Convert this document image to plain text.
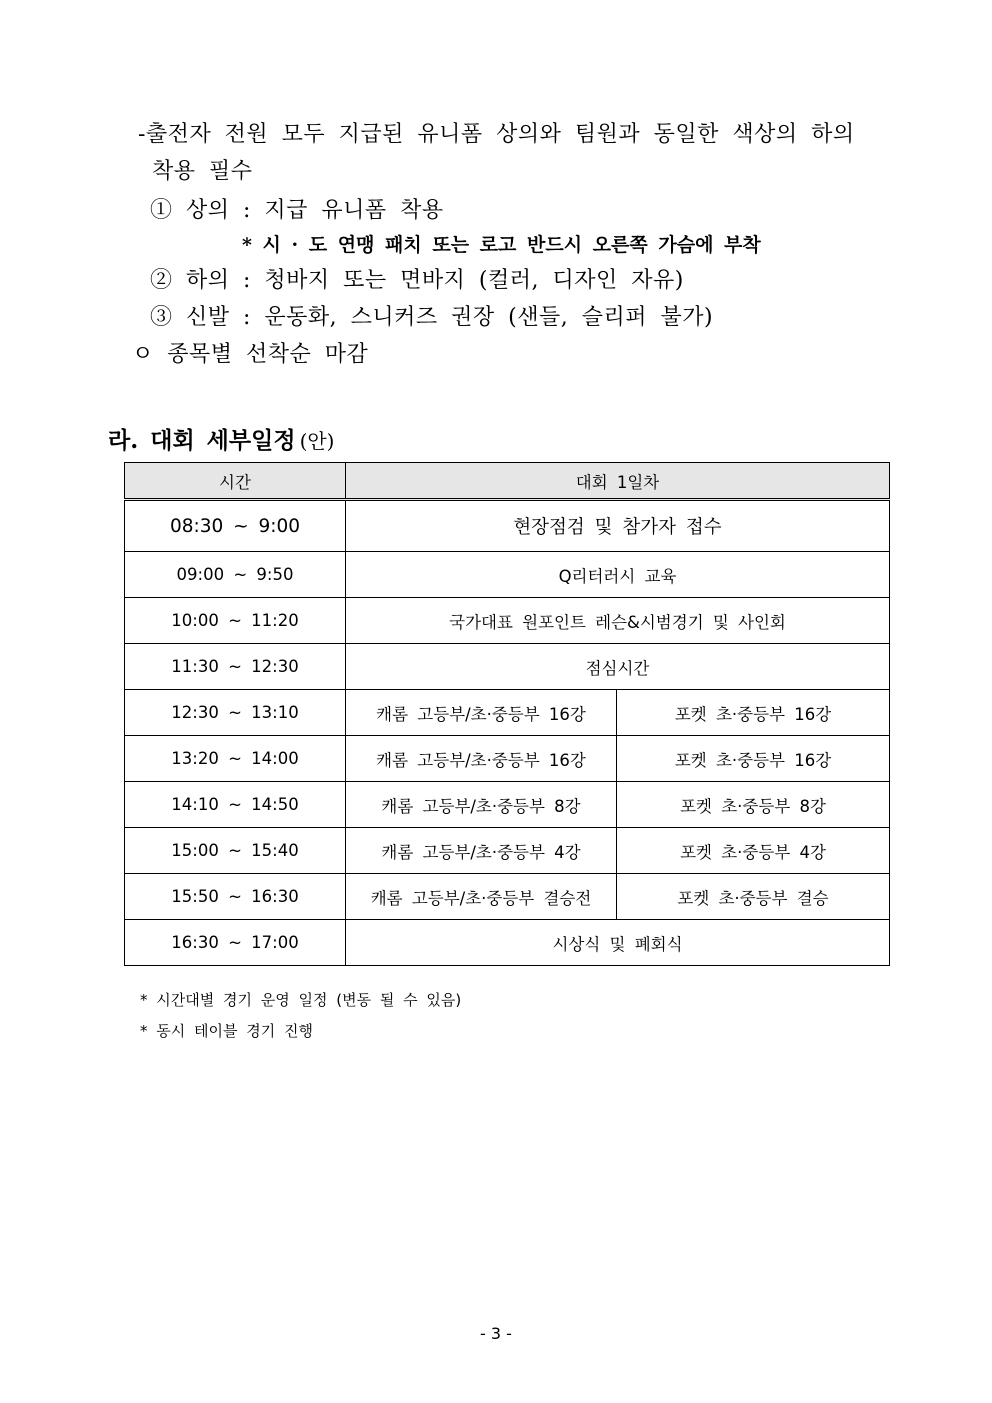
-출전자 전원 모두 지급된 유니폼 상의와 팀원과 동일한 색상의 하의
착용 필수
① 상의 : 지급 유니폼 착용
* 시 · 도 연맹 패치 또는 로고 반드시 오른쪽 가슴에 부착
② 하의 : 청바지 또는 면바지 (컬러, 디자인 자유)
③ 신발 : 운동화, 스니커즈 권장 (샌들, 슬리퍼 불가)
ㅇ 종목별 선착순 마감
라. 대회 세부일정 (안)
시간	대회 1일차	
08:30 ~ 9:00	현장점검 및 참가자 접수	
09:00 ~ 9:50	Q리터러시 교육	
10:00 ~ 11:20	국가대표 원포인트 레슨&시범경기 및 사인회	
11:30 ~ 12:30	점심시간	
12:30 ~ 13:10	캐롬 고등부/초·중등부 16강	포켓 초·중등부 16강
13:20 ~ 14:00	캐롬 고등부/초·중등부 16강	포켓 초·중등부 16강
14:10 ~ 14:50	캐롬 고등부/초·중등부 8강	포켓 초·중등부 8강
15:00 ~ 15:40	캐롬 고등부/초·중등부 4강	포켓 초·중등부 4강
15:50 ~ 16:30	캐롬 고등부/초·중등부 결승전	포켓 초·중등부 결승
16:30 ~ 17:00	시상식 및 폐회식	
* 시간대별 경기 운영 일정 (변동 될 수 있음)
* 동시 테이블 경기 진행
- 3 -
